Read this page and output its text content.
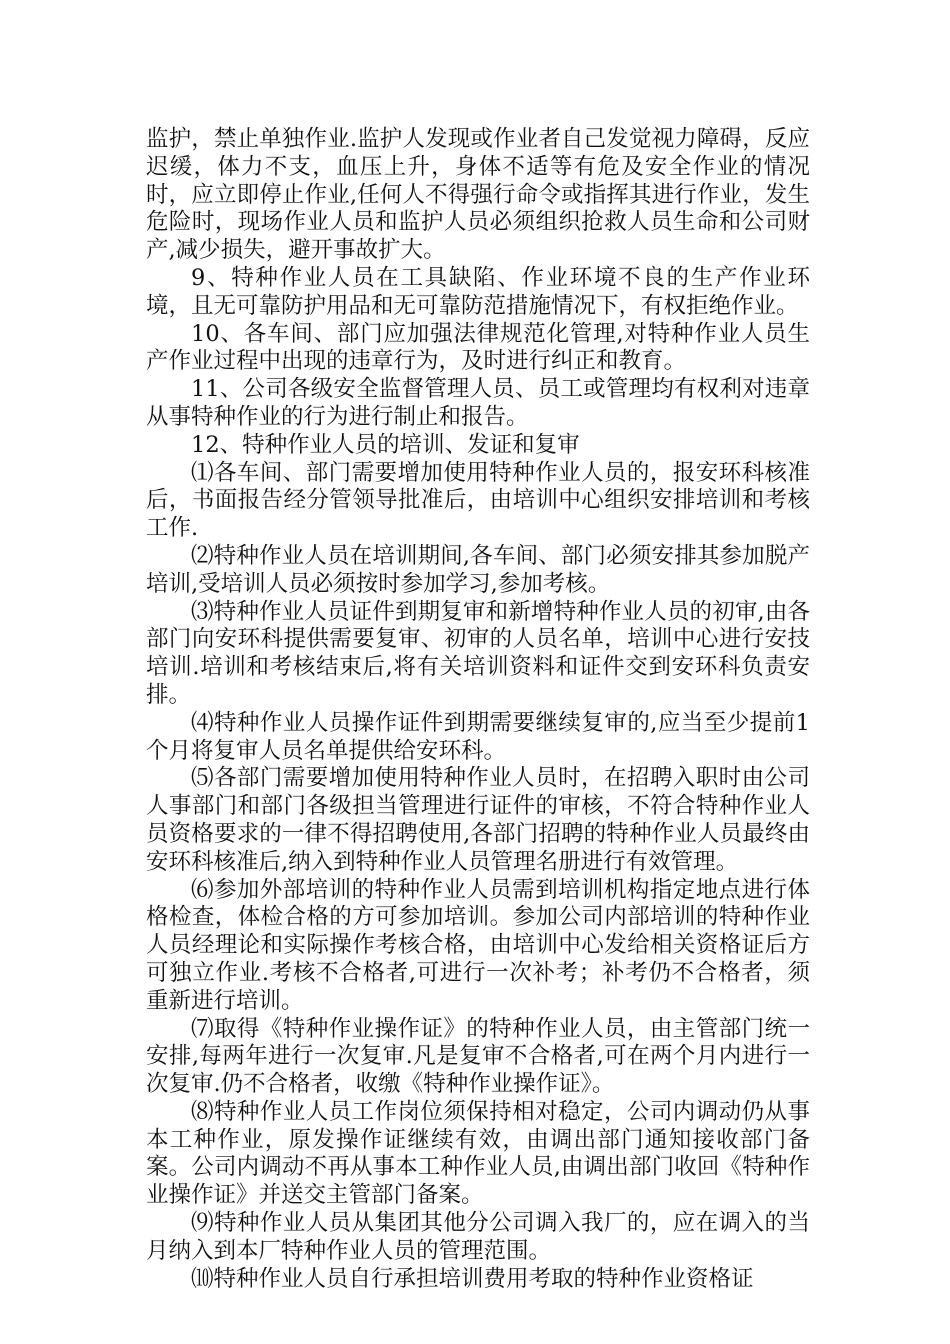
监护，禁止单独作业.监护人发现或作业者自己发觉视力障碍，反应迟缓，体力不支，血压上升，身体不适等有危及安全作业的情况时，应立即停止作业,任何人不得强行命令或指挥其进行作业，发生危险时，现场作业人员和监护人员必须组织抢救人员生命和公司财产,减少损失，避开事故扩大。

9、特种作业人员在工具缺陷、作业环境不良的生产作业环境，且无可靠防护用品和无可靠防范措施情况下，有权拒绝作业。

10、各车间、部门应加强法律规范化管理,对特种作业人员生产作业过程中出现的违章行为，及时进行纠正和教育。

11、公司各级安全监督管理人员、员工或管理均有权利对违章从事特种作业的行为进行制止和报告。

12、特种作业人员的培训、发证和复审

⑴各车间、部门需要增加使用特种作业人员的，报安环科核准后，书面报告经分管领导批准后，由培训中心组织安排培训和考核工作.

⑵特种作业人员在培训期间,各车间、部门必须安排其参加脱产培训,受培训人员必须按时参加学习,参加考核。

⑶特种作业人员证件到期复审和新增特种作业人员的初审,由各部门向安环科提供需要复审、初审的人员名单，培训中心进行安技培训.培训和考核结束后,将有关培训资料和证件交到安环科负责安排。

⑷特种作业人员操作证件到期需要继续复审的,应当至少提前1个月将复审人员名单提供给安环科。

⑸各部门需要增加使用特种作业人员时，在招聘入职时由公司人事部门和部门各级担当管理进行证件的审核，不符合特种作业人员资格要求的一律不得招聘使用,各部门招聘的特种作业人员最终由安环科核准后,纳入到特种作业人员管理名册进行有效管理。

⑹参加外部培训的特种作业人员需到培训机构指定地点进行体格检查，体检合格的方可参加培训。参加公司内部培训的特种作业人员经理论和实际操作考核合格，由培训中心发给相关资格证后方可独立作业.考核不合格者,可进行一次补考；补考仍不合格者，须重新进行培训。

⑺取得《特种作业操作证》的特种作业人员，由主管部门统一安排,每两年进行一次复审.凡是复审不合格者,可在两个月内进行一次复审.仍不合格者，收缴《特种作业操作证》。

⑻特种作业人员工作岗位须保持相对稳定，公司内调动仍从事本工种作业，原发操作证继续有效，由调出部门通知接收部门备案。公司内调动不再从事本工种作业人员,由调出部门收回《特种作业操作证》并送交主管部门备案。

⑼特种作业人员从集团其他分公司调入我厂的，应在调入的当月纳入到本厂特种作业人员的管理范围。

⑽特种作业人员自行承担培训费用考取的特种作业资格证
